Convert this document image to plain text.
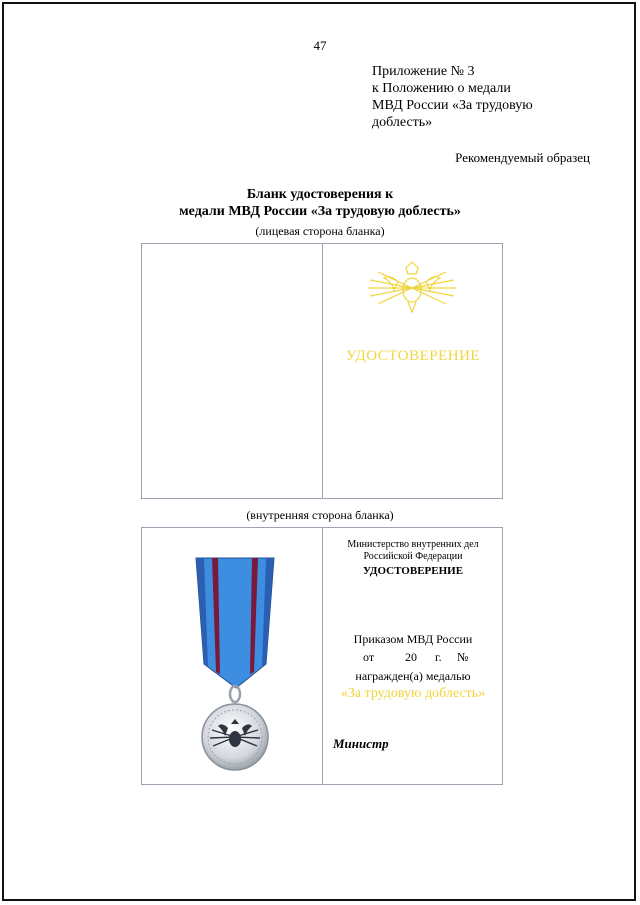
47
Приложение № 3
к Положению о медали
МВД России «За трудовую
доблесть»
Рекомендуемый образец
Бланк удостоверения к
медали МВД России «За трудовую доблесть»
(лицевая сторона бланка)
УДОСТОВЕРЕНИЕ
(внутренняя сторона бланка)
Министерство внутренних дел
Российской Федерации
УДОСТОВЕРЕНИЕ
Приказом МВД России
от	20 г. №
награжден(а) медалью
«За трудовую доблесть»
Министр
